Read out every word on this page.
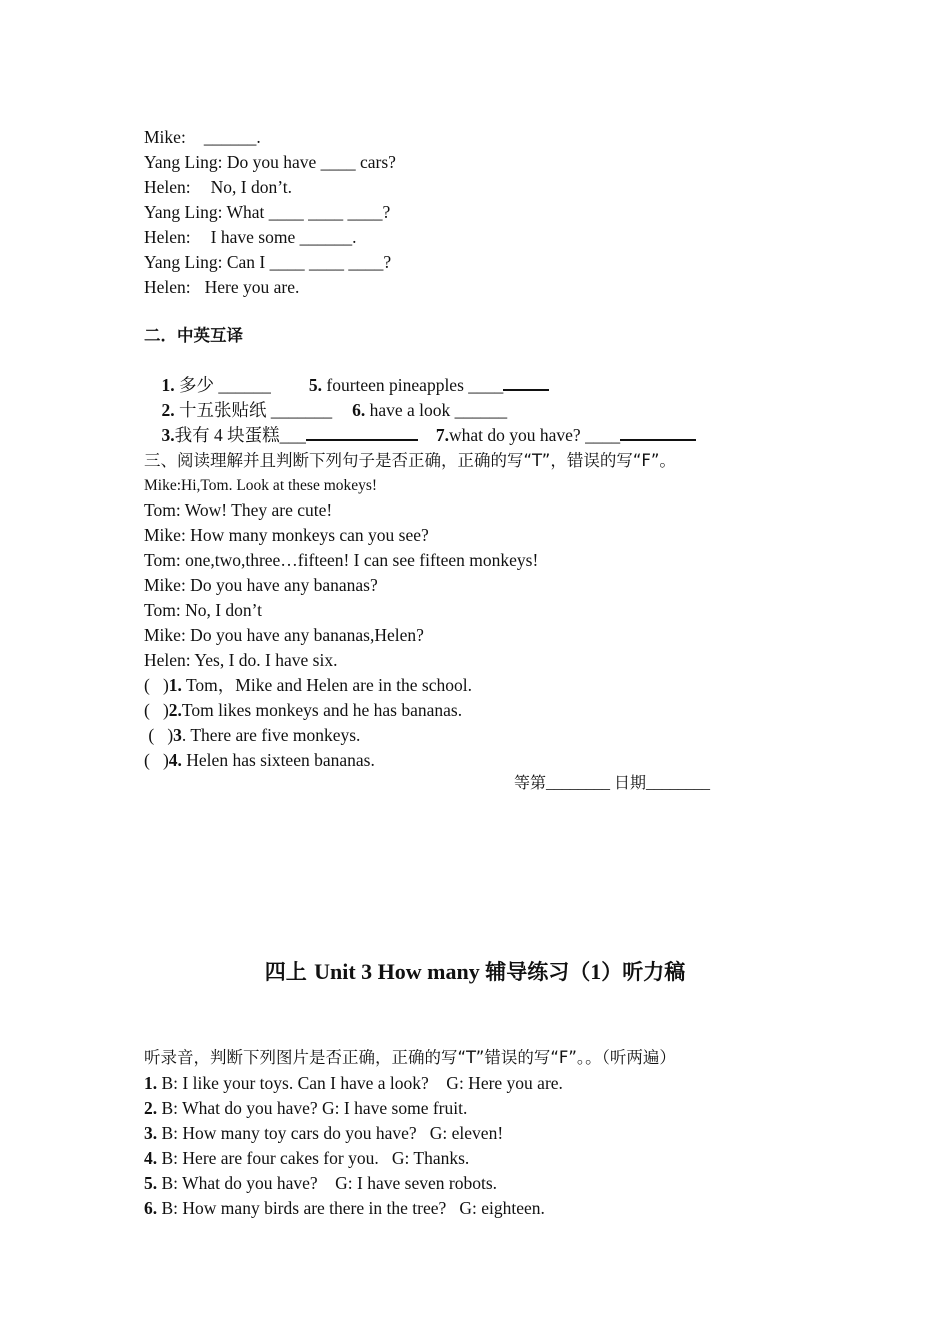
Mike: ______.
Yang Ling: Do you have ____ cars?
Helen: No, I don’t.
Yang Ling: What ____ ____ ____?
Helen: I have some ______.
Yang Ling: Can I ____ ____ ____?
Helen: Here you are.
二．中英互译

1. 多少 ______ 5. fourteen pineapples ____

2. 十五张贴纸 _______ 6. have a look ______

3.我有 4 块蛋糕___	7.what do you have? ____

三、阅读理解并且判断下列句子是否正确，正确的写“T”，错误的写“F”。
Mike:Hi,Tom. Look at these mokeys!
Tom: Wow! They are cute!
Mike: How many monkeys can you see?
Tom: one,two,three…fifteen! I can see fifteen monkeys!
Mike: Do you have any bananas?
Tom: No, I don’t
Mike: Do you have any bananas,Helen?
Helen: Yes, I do. I have six.
(   )1. Tom，Mike and Helen are in the school.
(   )2.Tom likes monkeys and he has bananas.
(   )3. There are five monkeys.
(   )4. Helen has sixteen bananas.
等第________ 日期________
四上 Unit 3 How many 辅导练习（1）听力稿
听录音，判断下列图片是否正确，正确的写“T”错误的写“F”。。（听两遍）
1. B: I like your toys. Can I have a look?    G: Here you are.
2. B: What do you have? G: I have some fruit.
3. B: How many toy cars do you have?   G: eleven!
4. B: Here are four cakes for you.   G: Thanks.
5. B: What do you have?    G: I have seven robots.
6. B: How many birds are there in the tree?   G: eighteen.
